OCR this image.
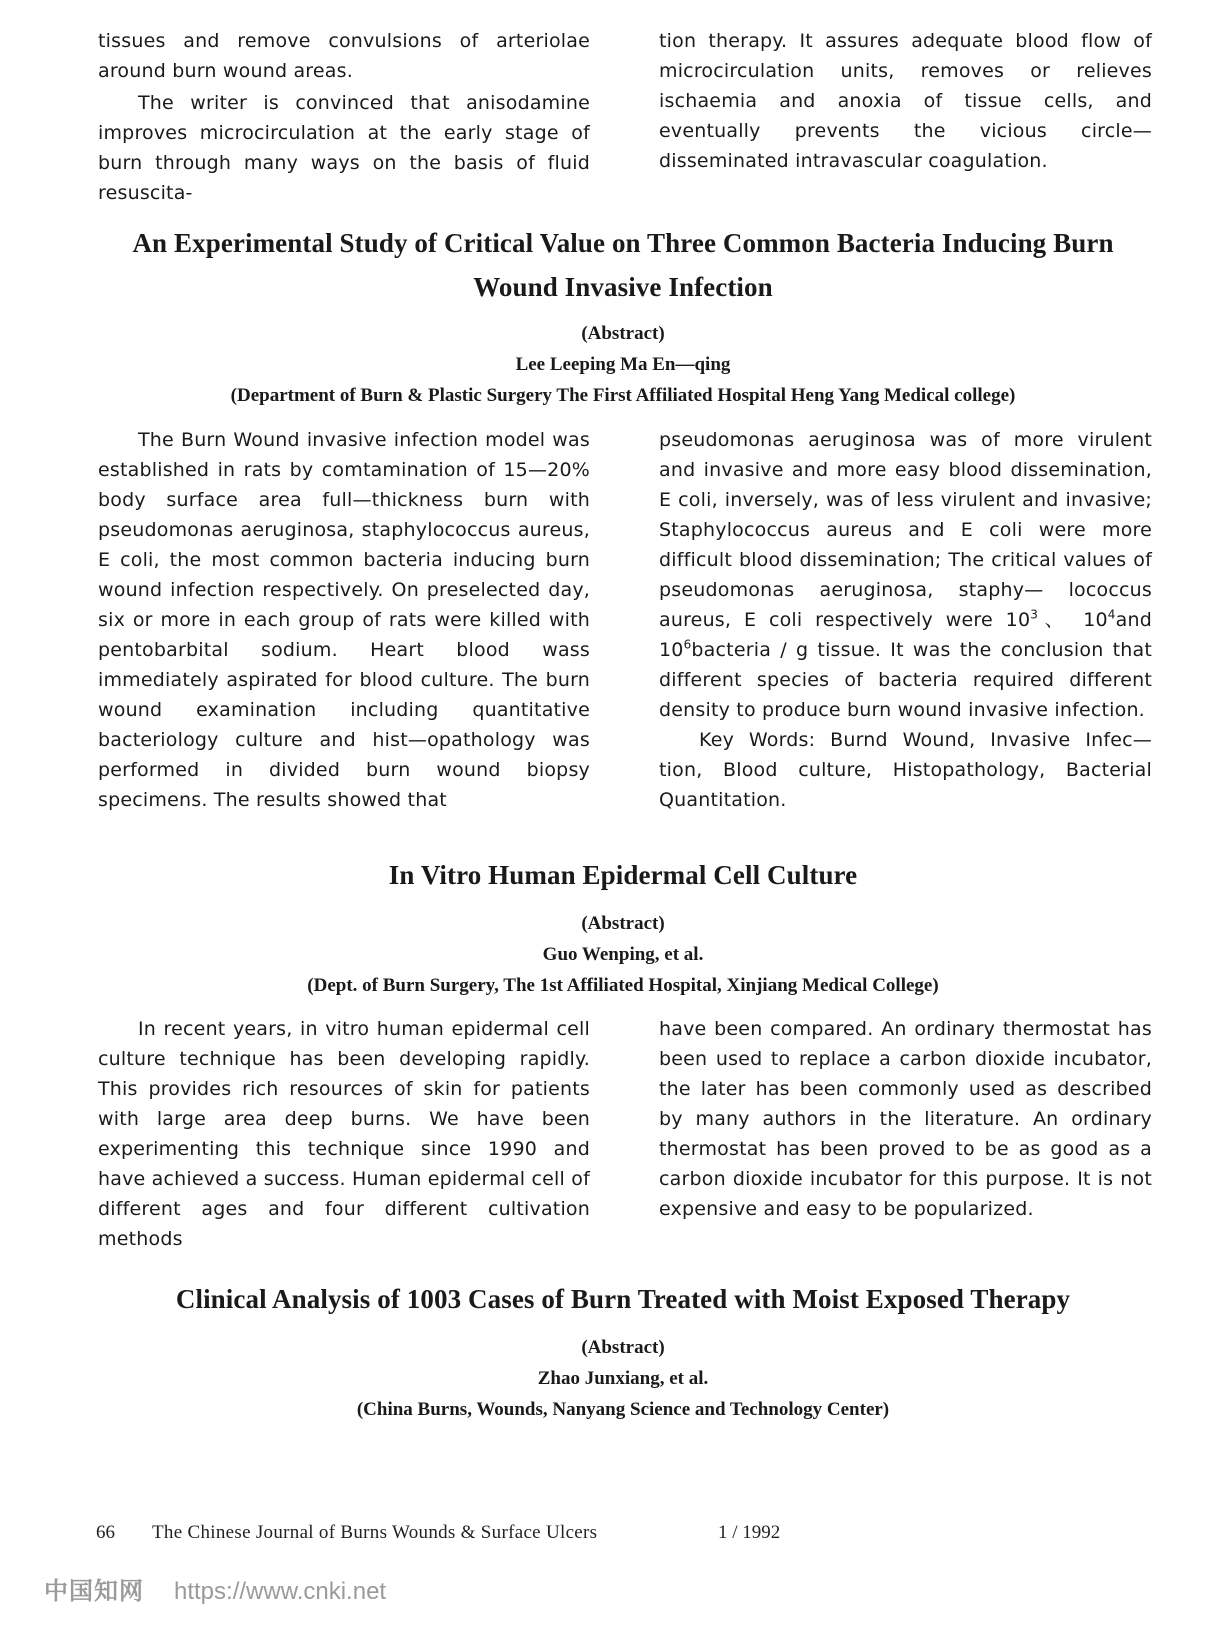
tissues and remove convulsions of arteriolae around burn wound areas.

The writer is convinced that anisodamine improves microcirculation at the early stage of burn through many ways on the basis of fluid resuscita-

tion therapy. It assures adequate blood flow of microcirculation units, removes or relieves ischaemia and anoxia of tissue cells, and eventually prevents the vicious circle—disseminated intravascular coagulation.

An Experimental Study of Critical Value on Three Common Bacteria Inducing Burn
Wound Invasive Infection
(Abstract)
Lee Leeping Ma En—qing
(Department of Burn & Plastic Surgery The First Affiliated Hospital Heng Yang Medical college)

The Burn Wound invasive infection model was established in rats by comtamination of 15—20% body surface area full—thickness burn with pseudomonas aeruginosa, staphylococcus aureus, E coli, the most common bacteria inducing burn wound infection respectively. On preselected day, six or more in each group of rats were killed with pentobarbital sodium. Heart blood wass immediately aspirated for blood culture. The burn wound examination including quantitative bacteriology culture and hist—opathology was performed in divided burn wound biopsy specimens. The results showed that

pseudomonas aeruginosa was of more virulent and invasive and more easy blood dissemination, E coli, inversely, was of less virulent and invasive; Staphylococcus aureus and E coli were more difficult blood dissemination; The critical values of pseudomonas aeruginosa, staphy— lococcus aureus, E coli respectively were $10^3$、 $10^4and$ $10^6bacteria$ / g tissue. It was the conclusion that different species of bacteria required different density to produce burn wound invasive infection.

Key Words: Burnd Wound, Invasive Infec— tion, Blood culture, Histopathology, Bacterial Quantitation.

In Vitro Human Epidermal Cell Culture
(Abstract)
Guo Wenping, et al.
(Dept. of Burn Surgery, The 1st Affiliated Hospital, Xinjiang Medical College)

In recent years, in vitro human epidermal cell culture technique has been developing rapidly. This provides rich resources of skin for patients with large area deep burns. We have been experimenting this technique since 1990 and have achieved a success. Human epidermal cell of different ages and four different cultivation methods

have been compared. An ordinary thermostat has been used to replace a carbon dioxide incubator, the later has been commonly used as described by many authors in the literature. An ordinary thermostat has been proved to be as good as a carbon dioxide incubator for this purpose. It is not expensive and easy to be popularized.

Clinical Analysis of 1003 Cases of Burn Treated with Moist Exposed Therapy
(Abstract)
Zhao Junxiang, et al.
(China Burns, Wounds, Nanyang Science and Technology Center)
66 The Chinese Journal of Burns Wounds & Surface Ulcers	1 / 1992
中国知网 https://www.cnki.net
